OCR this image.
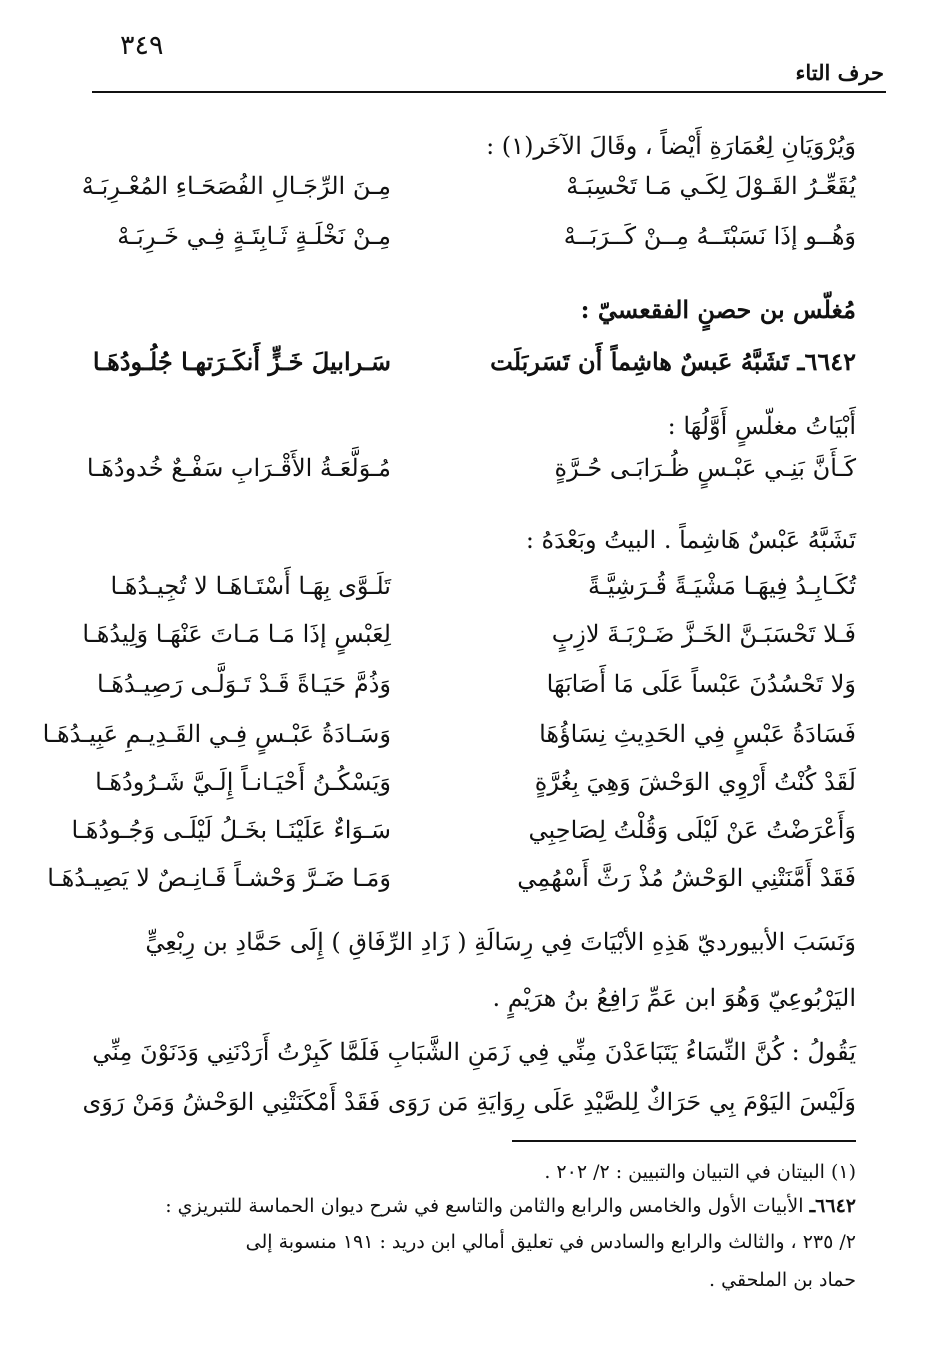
٣٤٩
حرف التاء
وَيُرْوَيَانِ لِعُمَارَةِ أَيْضاً ، وقَالَ الآخَر(١) :
يُقَعِّـرُ القَـوْلَ لِكَـي مَـا تَحْسِبَـهْ
مِـنَ الرِّجَـالِ الفُصَحَـاءِ المُعْـرِبَـهْ
وَهُــو إذَا نَسَبْتَــهُ مِــنْ كَــرَبَــهْ
مِـنْ نَخْلَـةٍ ثَـابِتَـةٍ فِـي خَـرِبَـهْ
مُغلّس بن حصنٍ الفقعسيّ :
٦٦٤٢ـ تَشَبَّهُ عَبسٌ هاشِماً أَن تَسَربَلَت
سَـرابيلَ خَـزٍّ أَنكَـرَتهـا جُلُـودُهَـا
أَبْيَاتُ مغلّسٍ أَوَّلُهَا :
كَـأَنَّ بَنِـي عَبْـسٍ ظُـرَابَـى حُـرَّةٍ
مُـوَلَّعَـةُ الأَقْـرَابِ سَفْـعٌ خُدودُهَـا
تَشَبَّهُ عَبْسٌ هَاشِماً . البيتُ وبَعْدَهُ :
تُكَـابِـدُ فِيهَـا مَشْيَـةً قُـرَشِيَّـةً
تَلَـوَّى بِهَـا أَسْتَـاهَـا لا تُجِيـدُهَـا
فَـلا تَحْسَبَـنَّ الخَـزَّ ضَـرْبَـةَ لازِبٍ
لِعَبْسٍ إذَا مَـا مَـاتَ عَنْهَـا وَلِيدُهَـا
وَلا تَحْسُدُنَ عَبْساً عَلَى مَا أَصَابَهَا
وَذُمَّ حَيَـاةً قَـدْ تَـوَلَّـى رَصِيـدُهَـا
فَسَادَةُ عَبْسٍ فِي الحَدِيثِ نِسَاؤُهَا
وَسَـادَةُ عَبْـسٍ فِـي القَـدِيـمِ عَبِيـدُهَـا
لَقَدْ كُنْتُ أَرْوِي الوَحْشَ وَهِيَ بِغُرَّةٍ
وَيَسْكُـنُ أَحْيَـانـاً إِلَـيَّ شَـرُودُهَـا
وَأَعْرَضْتُ عَنْ لَيْلَى وَقُلْتُ لِصَاحِبِي
سَـوَاءٌ عَلَيْنَـا بخَـلُ لَيْلَـى وَجُـودُهَـا
فَقَدْ أَمَّنَتْنِي الوَحْشُ مُذْ رَثَّ أَسْهُمِي
وَمَـا ضَـرَّ وَحْشـاً قَـانِـصٌ لا يَصِيـدُهَـا
وَنَسَبَ الأبيورديّ هَذِهِ الأبْيَاتَ فِي رِسَالَةِ ( زَادِ الرِّفَاقِ ) إِلَى حَمَّادِ بن رِبْعِيٍّ
اليَرْبُوعِيّ وَهُوَ ابن عَمِّ رَافِعُ بنُ هرَيْمٍ .
يَقُولُ : كُنَّ النِّسَاءُ يَتَبَاعَدْنَ مِنِّي فِي زَمَنِ الشَّبَابِ فَلَمَّا كَبِرْتُ أَرَدْنَنِي وَدَنَوْنَ مِنِّي
وَلَيْسَ اليَوْمَ بِي حَرَاكٌ لِلصَّيْدِ عَلَى رِوَايَةِ مَن رَوَى فَقَدْ أَمْكَنَتْنِي الوَحْشُ وَمَنْ رَوَى
(١) البيتان في التبيان والتبيين : ٢/ ٢٠٢ .
٦٦٤٢ـ الأبيات الأول والخامس والرابع والثامن والتاسع في شرح ديوان الحماسة للتبريزي :
٢/ ٢٣٥ ، والثالث والرابع والسادس في تعليق أمالي ابن دريد : ١٩١ منسوبة إلى
حماد بن الملحقي .
